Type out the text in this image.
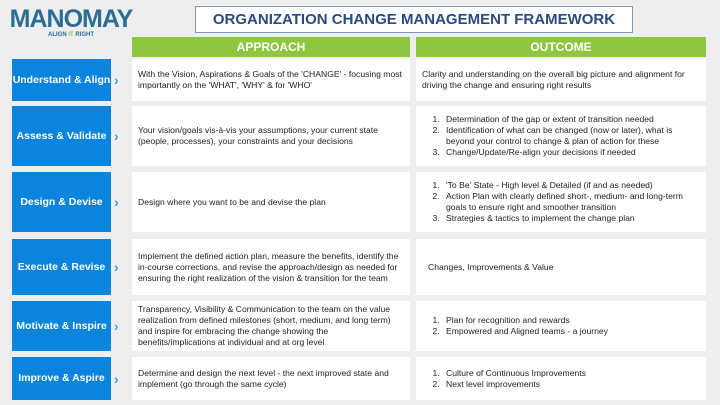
MANOMAY
ALIGN IT RIGHT
ORGANIZATION CHANGE MANAGEMENT FRAMEWORK
APPROACH	OUTCOME
Understand & Align › With the Vision, Aspirations & Goals of the 'CHANGE' - focusing most importantly on the 'WHAT', 'WHY' & for 'WHO'
Clarity and understanding on the overall big picture and alignment for driving the change and ensuring right results
Assess & Validate › Your vision/goals vis-à-vis your assumptions, your current state (people, processes), your constraints and your decisions
1. Determination of the gap or extent of transition needed
2. Identification of what can be changed (now or later), what is beyond your control to change & plan of action for these
3. Change/Update/Re-align your decisions if needed
Design & Devise › Design where you want to be and devise the plan
1. 'To Be' State - High level & Detailed (if and as needed)
2. Action Plan with clearly defined short-, medium- and long-term goals to ensure right and smoother transition
3. Strategies & tactics to implement the change plan
Execute & Revise ›
Implement the defined action plan, measure the benefits, identify the in-course corrections, and revise the approach/design as needed for ensuring the right realization of the vision & transition for the team
Changes, Improvements & Value
Motivate & Inspire ›
Transparency, Visibility & Communication to the team on the value realization from defined milestones (short, medium, and long term) and inspire for embracing the change showing the benefits/implications at individual and at org level
1. Plan for recognition and rewards
2. Empowered and Aligned teams - a journey
Improve & Aspire › Determine and design the next level - the next improved state and implement (go through the same cycle)
1. Culture of Continuous Improvements
2. Next level improvements
